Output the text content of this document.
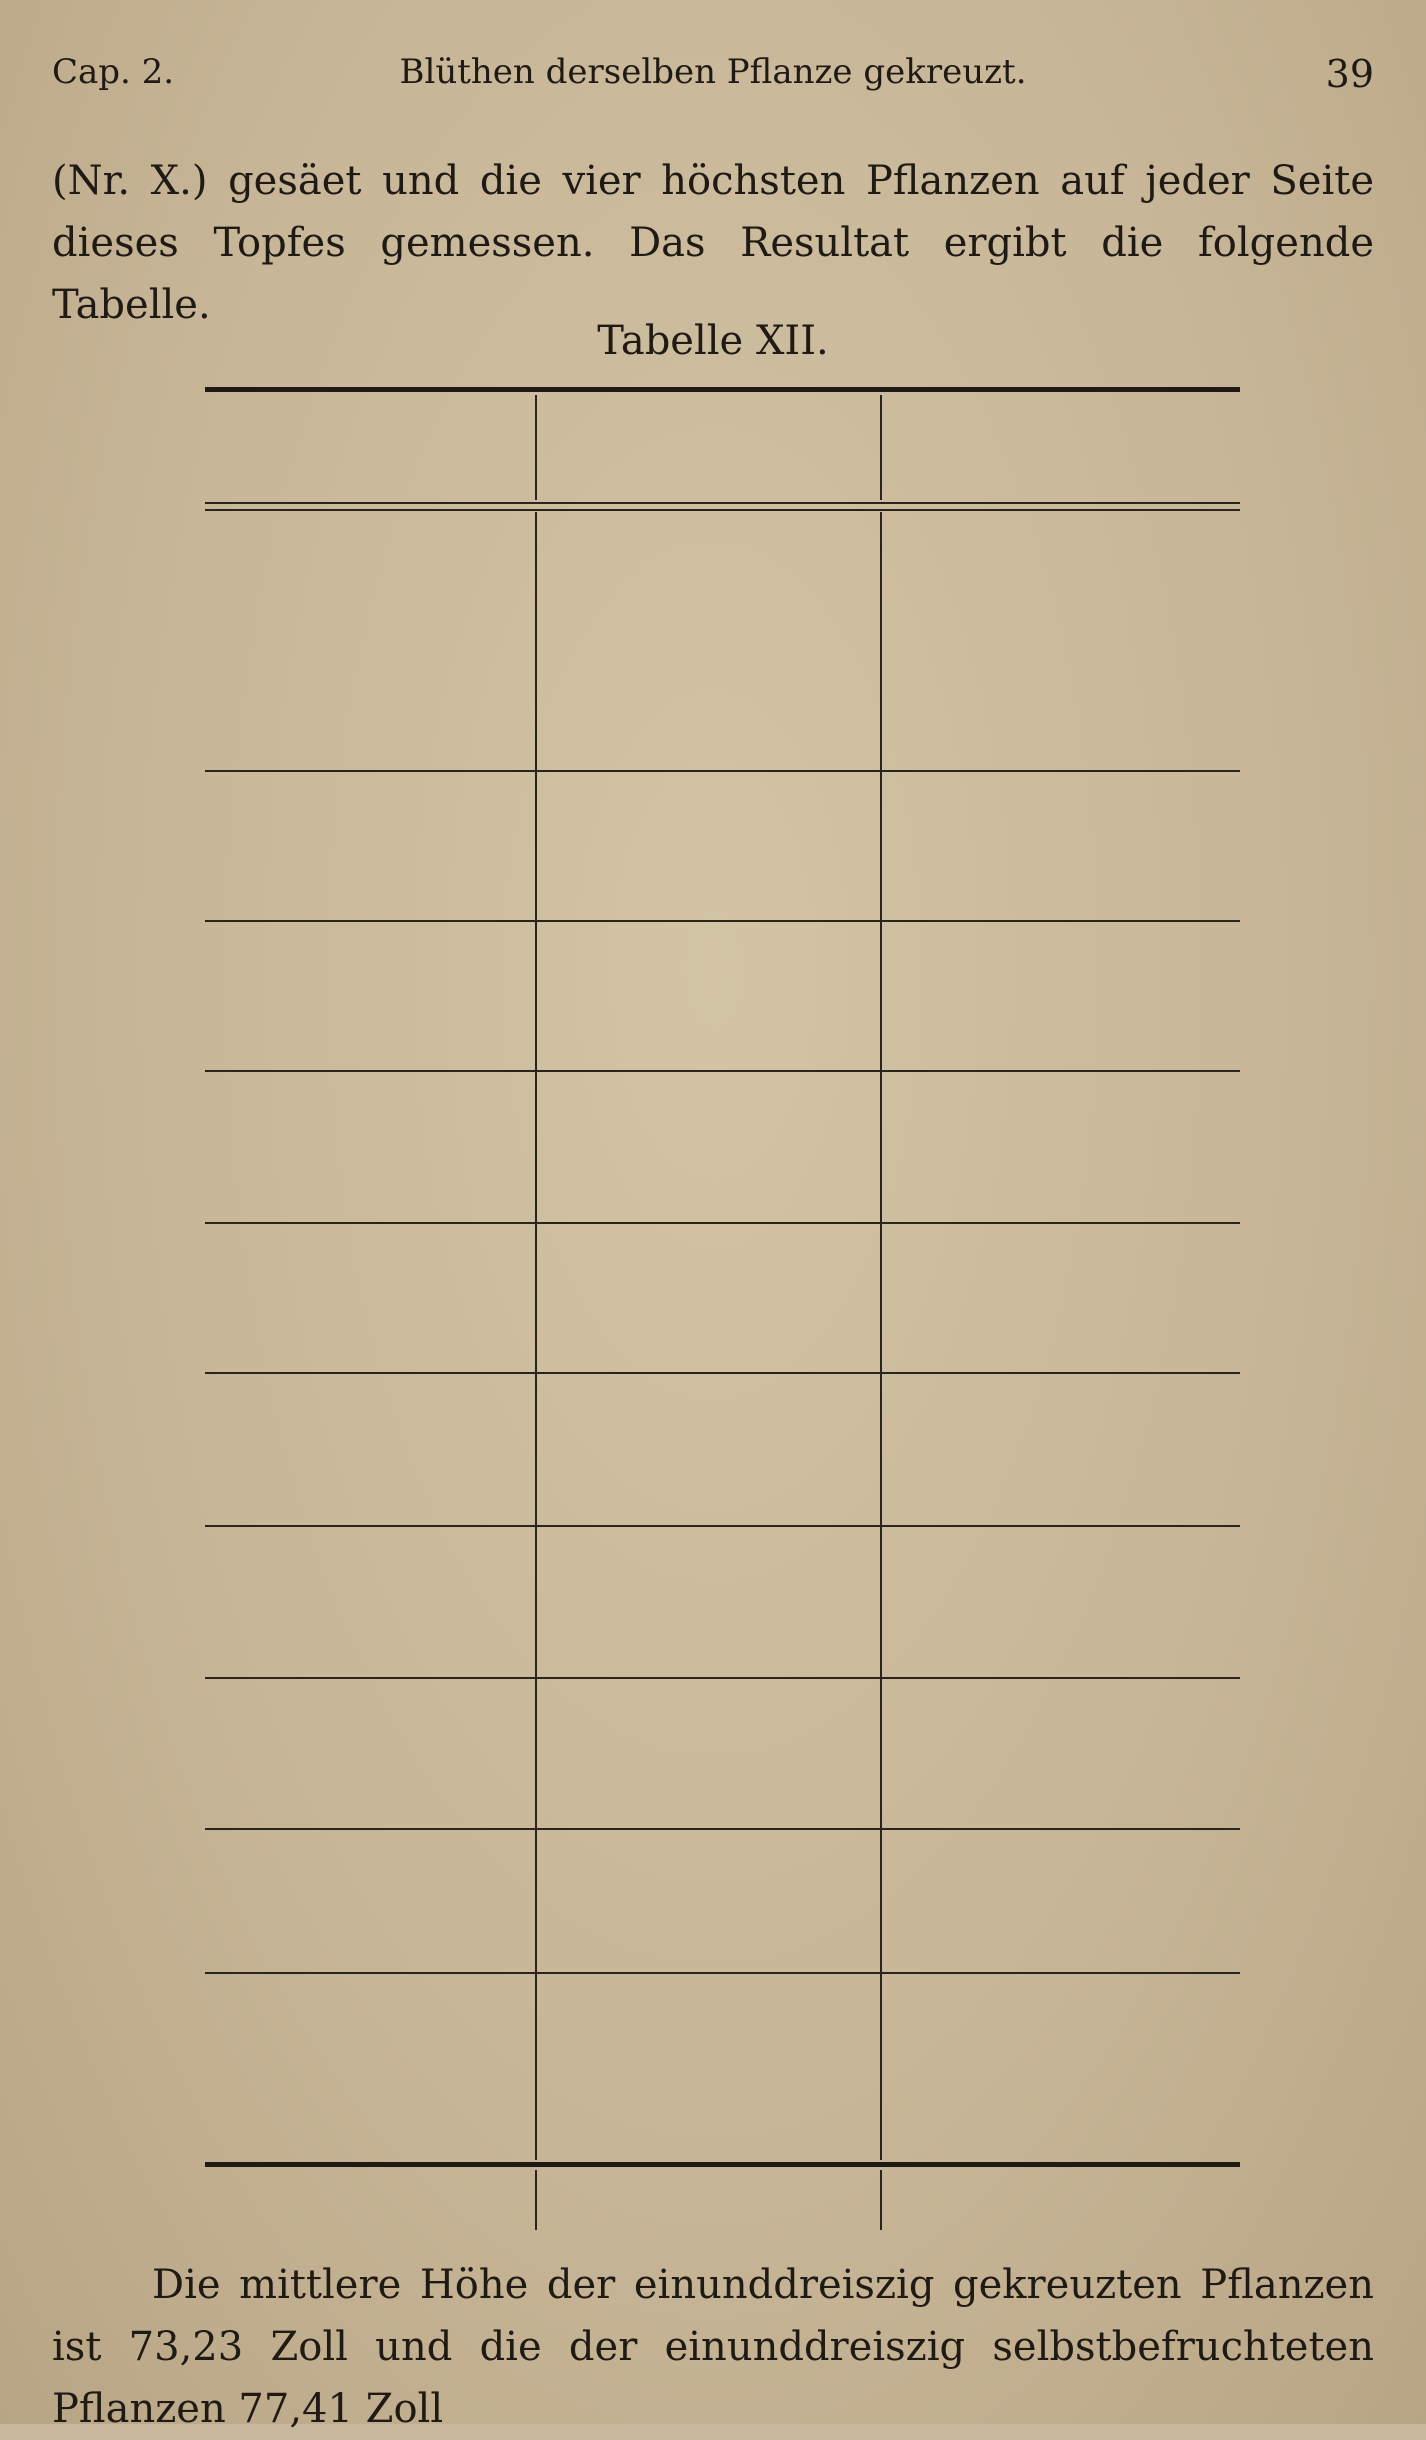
Cap. 2.	Blüthen derselben Pflanze gekreuzt.	39
(Nr. X.) gesäet und die vier höchsten Pflanzen auf jeder Seite dieses Topfes gemessen. Das Resultat ergibt die folgende Tabelle.
Tabelle XII.
Die mittlere Höhe der einunddreiszig gekreuzten Pflanzen ist 73,23 Zoll und die der einunddreiszig selbstbefruchteten Pflanzen 77,41 Zoll
